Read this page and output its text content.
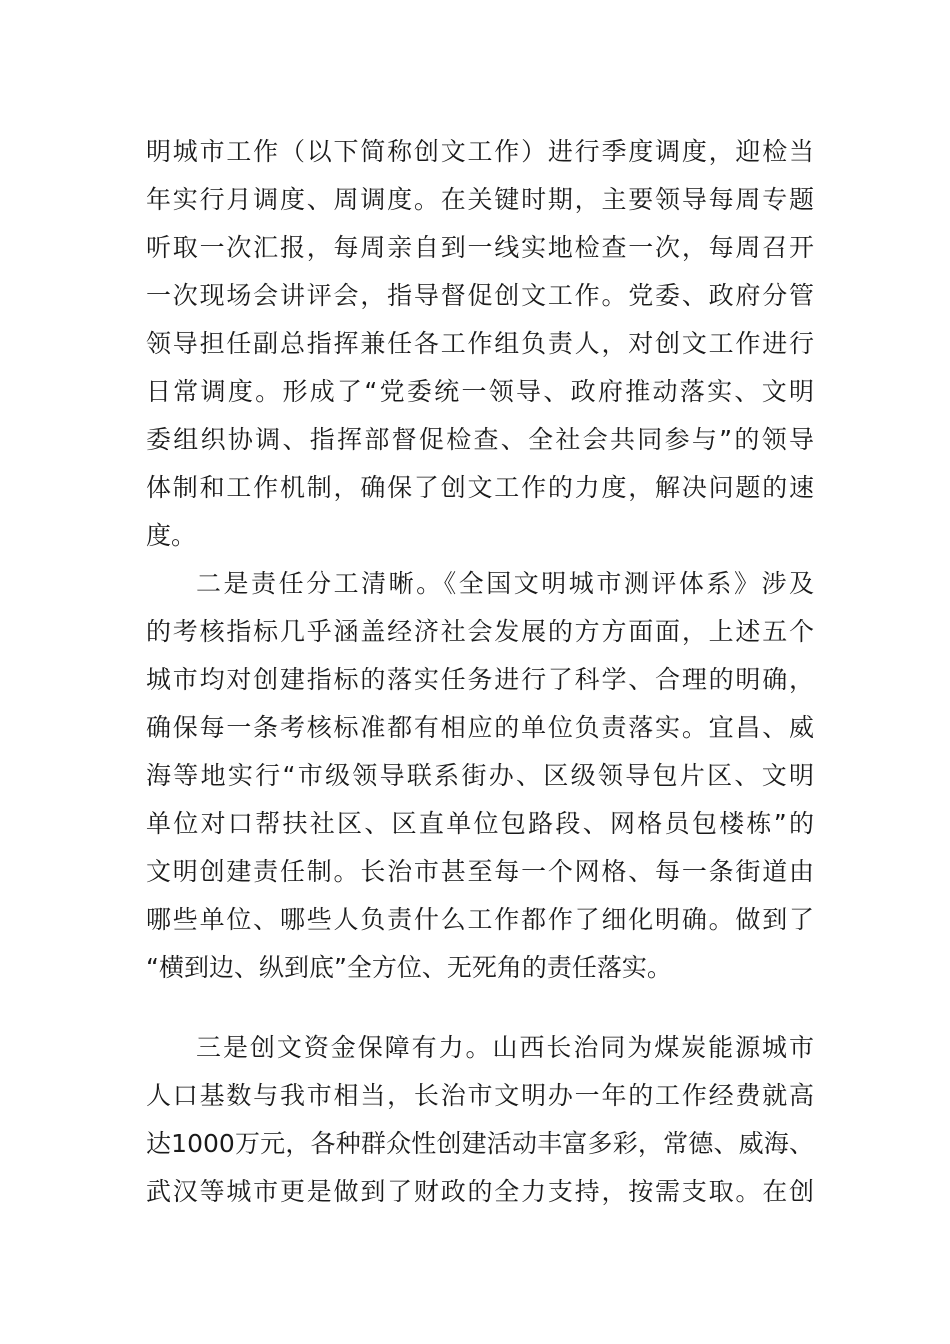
明城市工作（以下简称创文工作）进行季度调度，迎检当
年实行月调度、周调度。在关键时期，主要领导每周专题
听取一次汇报，每周亲自到一线实地检查一次，每周召开
一次现场会讲评会，指导督促创文工作。党委、政府分管
领导担任副总指挥兼任各工作组负责人，对创文工作进行
日常调度。形成了“党委统一领导、政府推动落实、文明
委组织协调、指挥部督促检查、全社会共同参与”的领导
体制和工作机制，确保了创文工作的力度，解决问题的速
度。
二是责任分工清晰。《全国文明城市测评体系》涉及
的考核指标几乎涵盖经济社会发展的方方面面，上述五个
城市均对创建指标的落实任务进行了科学、合理的明确，
确保每一条考核标准都有相应的单位负责落实。宜昌、威
海等地实行“市级领导联系街办、区级领导包片区、文明
单位对口帮扶社区、区直单位包路段、网格员包楼栋”的
文明创建责任制。长治市甚至每一个网格、每一条街道由
哪些单位、哪些人负责什么工作都作了细化明确。做到了
“横到边、纵到底”全方位、无死角的责任落实。
三是创文资金保障有力。山西长治同为煤炭能源城市
人口基数与我市相当，长治市文明办一年的工作经费就高
达1000万元，各种群众性创建活动丰富多彩，常德、威海、
武汉等城市更是做到了财政的全力支持，按需支取。在创
